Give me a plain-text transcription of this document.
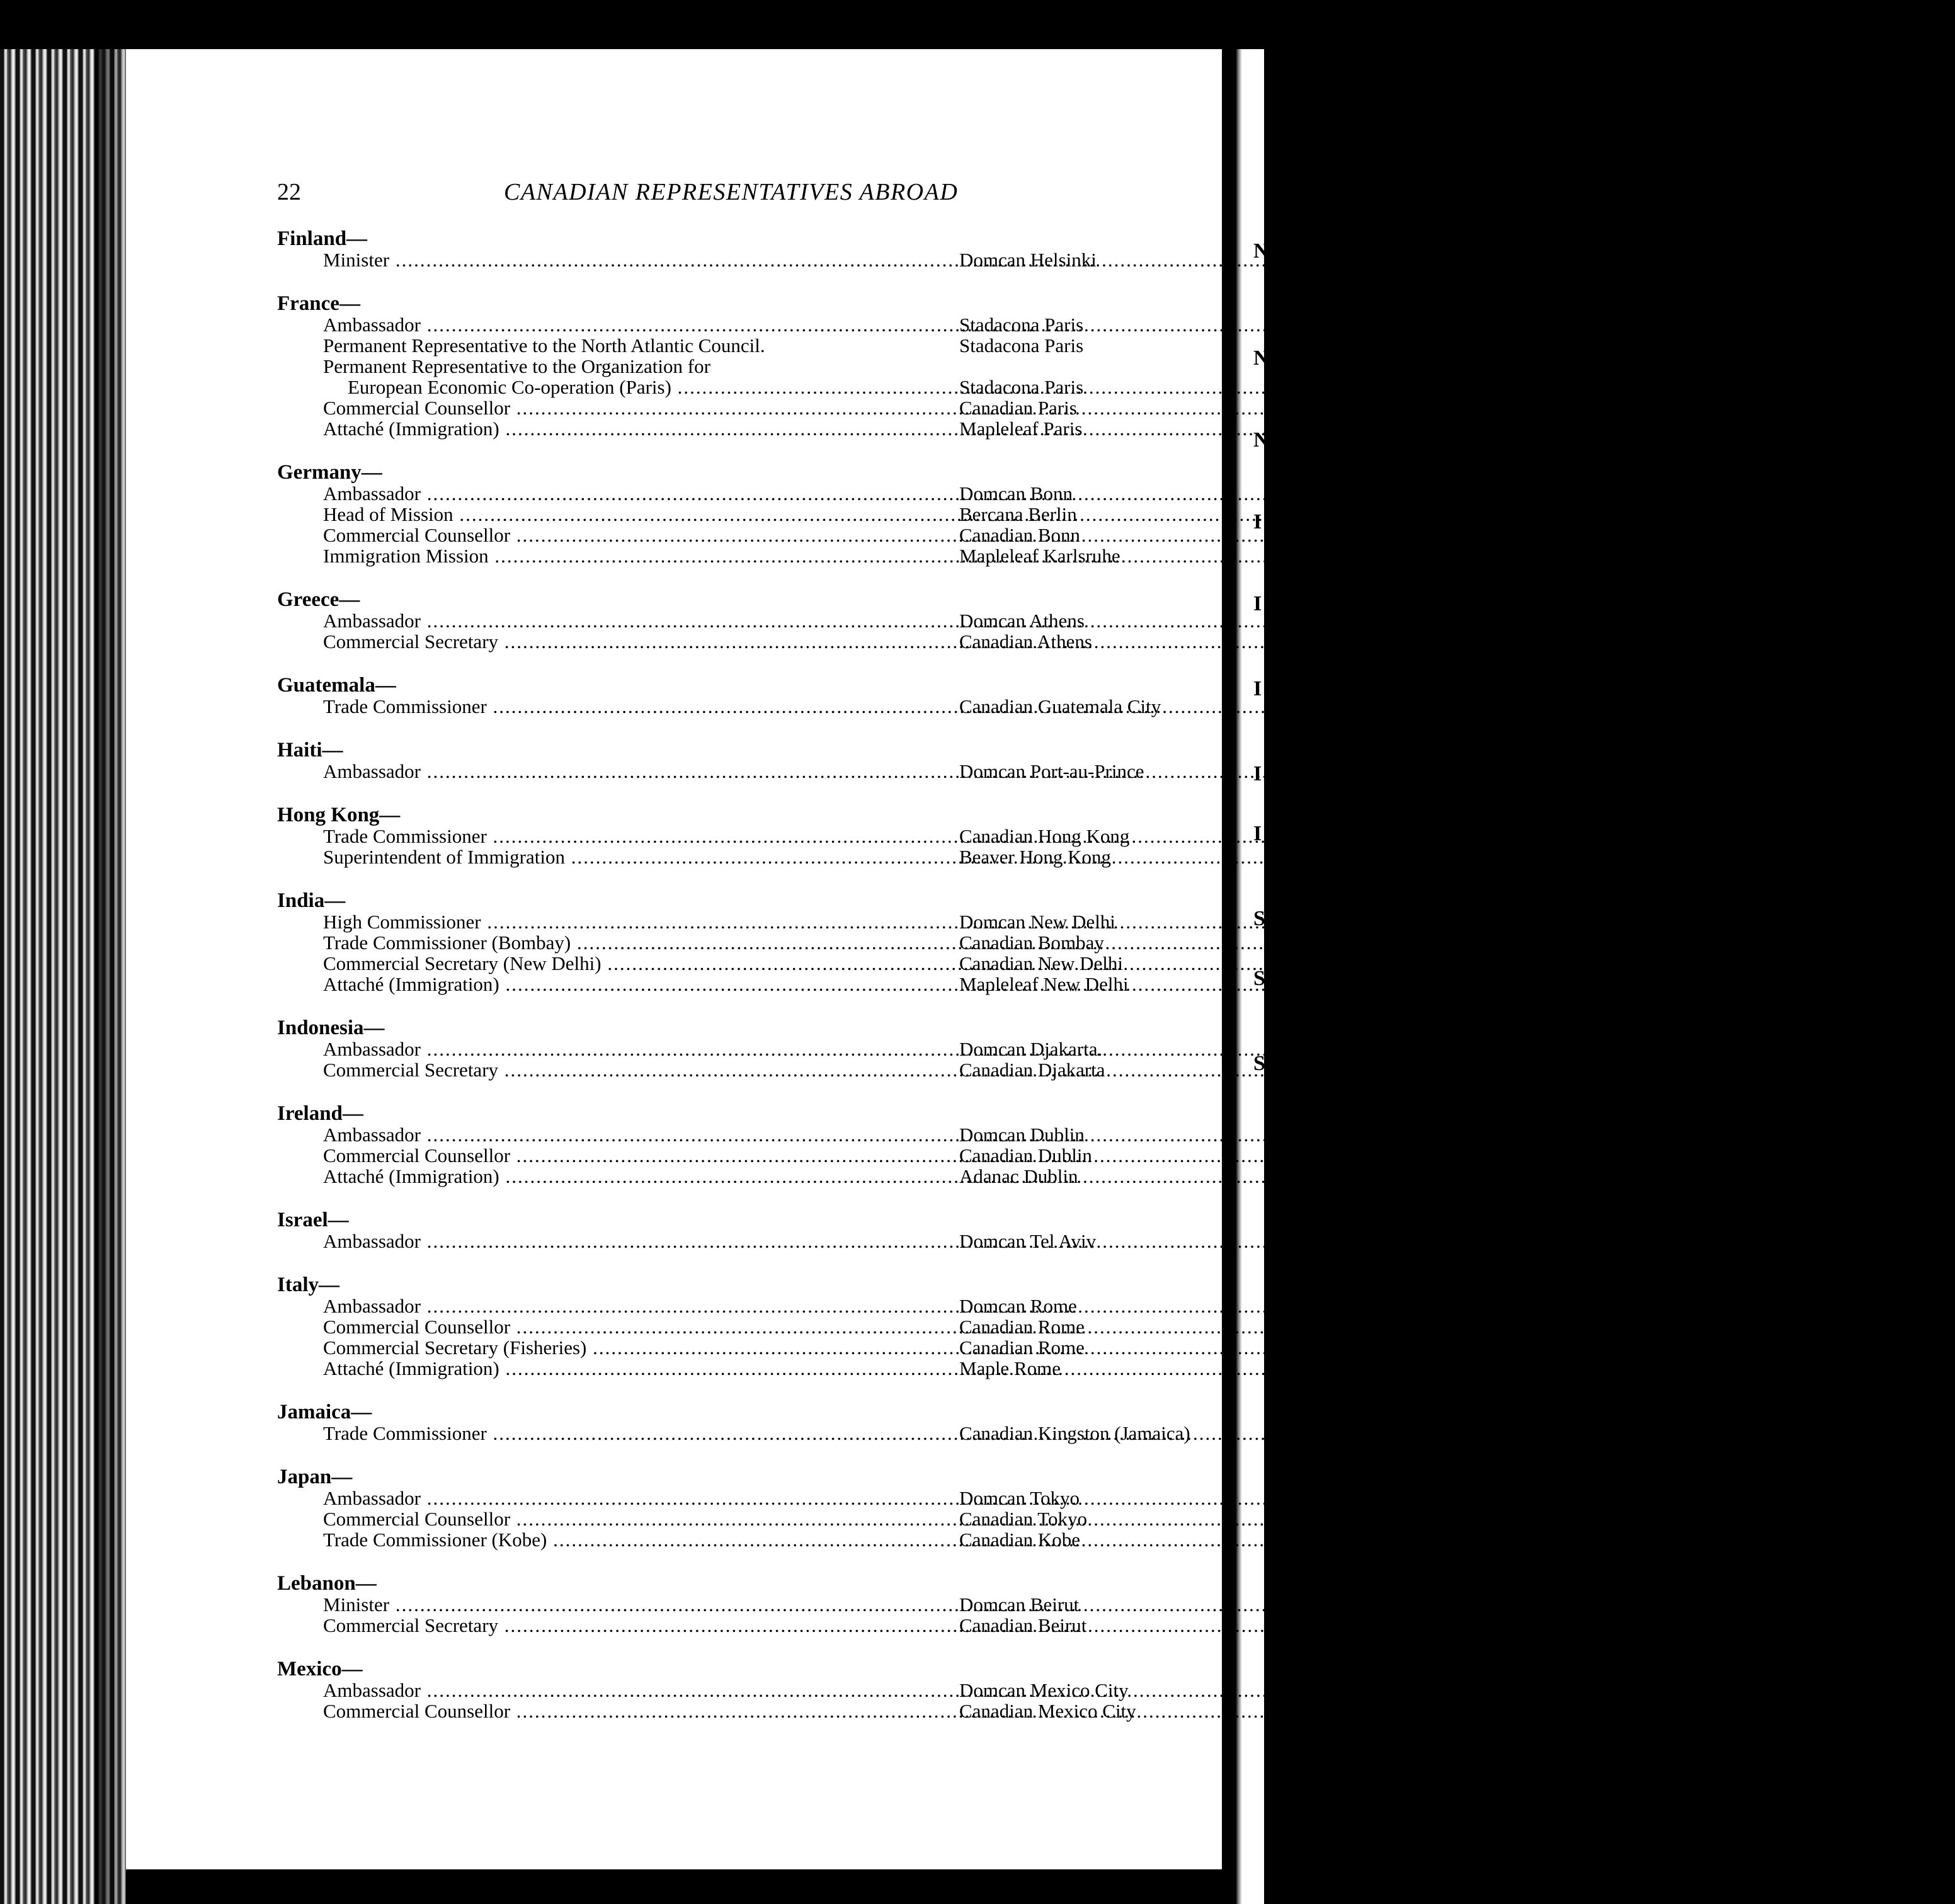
N
N
N
I
I
I
I
I
S
S
S
22	CANADIAN REPRESENTATIVES ABROAD
Finland—
Minister .....	Domcan Helsinki
France—
Ambassador .....	Stadacona Paris
Permanent Representative to the North Atlantic Council.	Stadacona Paris
Permanent Representative to the Organization for
European Economic Co-operation (Paris) .....	Stadacona Paris
Commercial Counsellor .....	Canadian Paris
Attaché (Immigration) .....	Mapleleaf Paris
Germany—
Ambassador .....	Domcan Bonn
Head of Mission .....	Bercana Berlin
Commercial Counsellor .....	Canadian Bonn
Immigration Mission .....	Mapleleaf Karlsruhe
Greece—
Ambassador .....	Domcan Athens
Commercial Secretary .....	Canadian Athens
Guatemala—
Trade Commissioner .....	Canadian Guatemala City
Haiti—
Ambassador .....	Domcan Port-au-Prince
Hong Kong—
Trade Commissioner .....	Canadian Hong Kong
Superintendent of Immigration .....	Beaver Hong Kong
India—
High Commissioner .....	Domcan New Delhi
Trade Commissioner (Bombay) .....	Canadian Bombay
Commercial Secretary (New Delhi) .....	Canadian New Delhi
Attaché (Immigration) .....	Mapleleaf New Delhi
Indonesia—
Ambassador .....	Domcan Djakarta.
Commercial Secretary .....	Canadian Djakarta
Ireland—
Ambassador .....	Domcan Dublin
Commercial Counsellor .....	Canadian Dublin
Attaché (Immigration) .....	Adanac Dublin
Israel—
Ambassador .....	Domcan Tel Aviv
Italy—
Ambassador .....	Domcan Rome
Commercial Counsellor .....	Canadian Rome
Commercial Secretary (Fisheries) .....	Canadian Rome
Attaché (Immigration) .....	Maple Rome
Jamaica—
Trade Commissioner .....	Canadian Kingston (Jamaica)
Japan—
Ambassador .....	Domcan Tokyo
Commercial Counsellor .....	Canadian Tokyo
Trade Commissioner (Kobe) .....	Canadian Kobe
Lebanon—
Minister .....	Domcan Beirut
Commercial Secretary .....	Canadian Beirut
Mexico—
Ambassador .....	Domcan Mexico City
Commercial Counsellor .....	Canadian Mexico City
